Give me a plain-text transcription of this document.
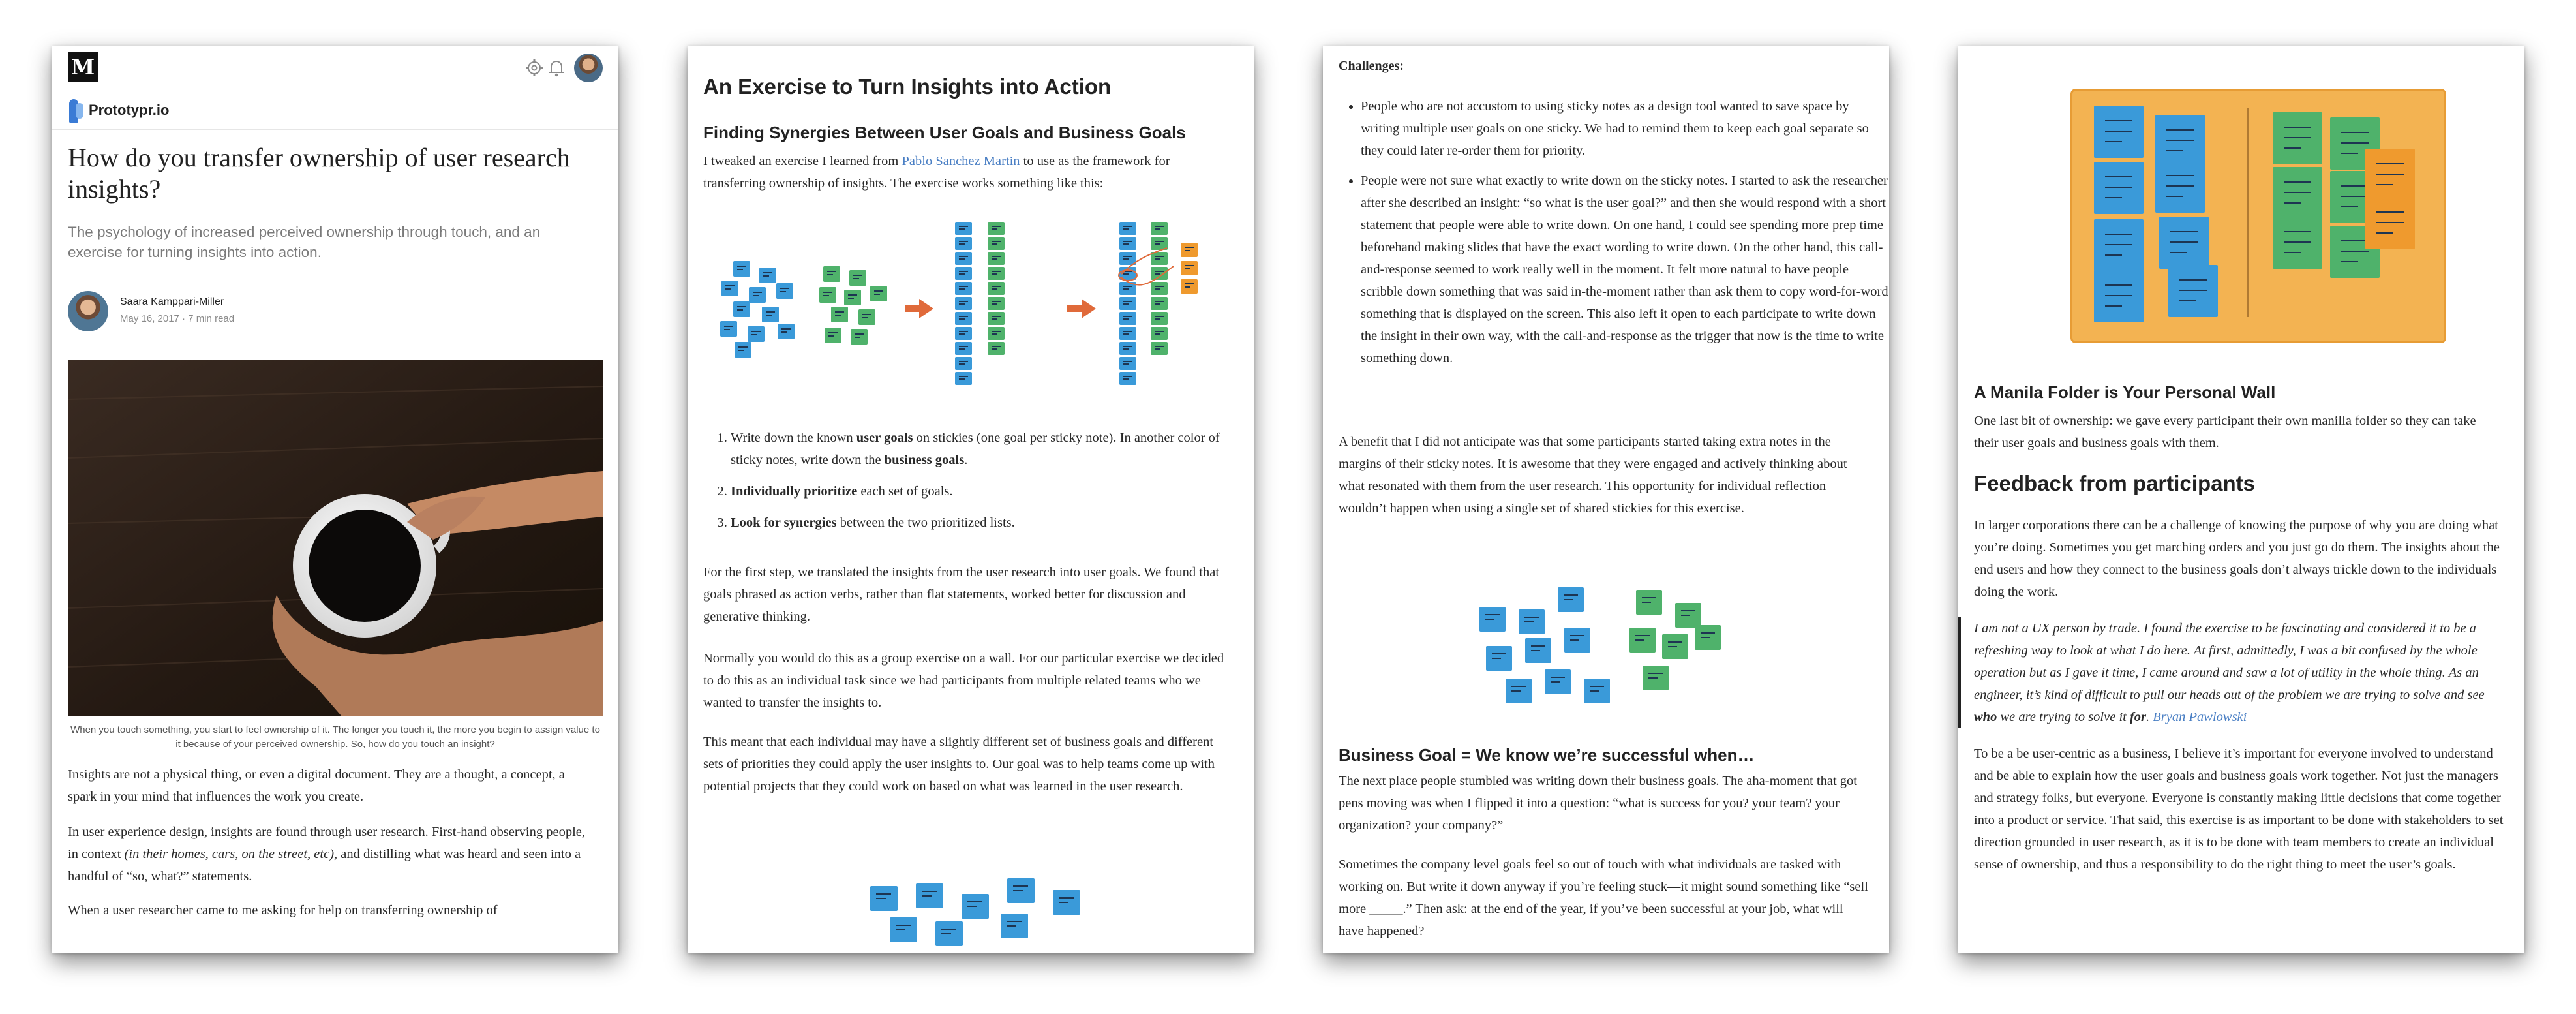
M
Prototypr.io
How do you transfer ownership of user research insights?
The psychology of increased perceived ownership through touch, and an exercise for turning insights into action.
Saara Kamppari-Miller
May 16, 2017 · 7 min read
When you touch something, you start to feel ownership of it. The longer you touch it, the more you begin to assign value to it because of your perceived ownership. So, how do you touch an insight?

Insights are not a physical thing, or even a digital document. They are a thought, a concept, a spark in your mind that influences the work you create.

In user experience design, insights are found through user research. First-hand observing people, in context (in their homes, cars, on the street, etc), and distilling what was heard and seen into a handful of “so, what?” statements.

When a user researcher came to me asking for help on transferring ownership of

An Exercise to Turn Insights into Action
Finding Synergies Between User Goals and Business Goals

I tweaked an exercise I learned from Pablo Sanchez Martin to use as the framework for transferring ownership of insights. The exercise works something like this:

1. Write down the known user goals on stickies (one goal per sticky note). In another color of sticky notes, write down the business goals.
2. Individually prioritize each set of goals.
3. Look for synergies between the two prioritized lists.

For the first step, we translated the insights from the user research into user goals. We found that goals phrased as action verbs, rather than flat statements, worked better for discussion and generative thinking.

Normally you would do this as a group exercise on a wall. For our particular exercise we decided to do this as an individual task since we had participants from multiple related teams who we wanted to transfer the insights to.

This meant that each individual may have a slightly different set of business goals and different sets of priorities they could apply the user insights to. Our goal was to help teams come up with potential projects that they could work on based on what was learned in the user research.

Challenges:
• People who are not accustom to using sticky notes as a design tool wanted to save space by writing multiple user goals on one sticky. We had to remind them to keep each goal separate so they could later re-order them for priority.
• People were not sure what exactly to write down on the sticky notes. I started to ask the researcher after she described an insight: “so what is the user goal?” and then she would respond with a short statement that people were able to write down. On one hand, I could see spending more prep time beforehand making slides that have the exact wording to write down. On the other hand, this call-and-response seemed to work really well in the moment. It felt more natural to have people scribble down something that was said in-the-moment rather than ask them to copy word-for-word something that is displayed on the screen. This also left it open to each participate to write down the insight in their own way, with the call-and-response as the trigger that now is the time to write something down.

A benefit that I did not anticipate was that some participants started taking extra notes in the margins of their sticky notes. It is awesome that they were engaged and actively thinking about what resonated with them from the user research. This opportunity for individual reflection wouldn’t happen when using a single set of shared stickies for this exercise.

Business Goal = We know we’re successful when…

The next place people stumbled was writing down their business goals. The aha-moment that got pens moving was when I flipped it into a question: “what is success for you? your team? your organization? your company?”

Sometimes the company level goals feel so out of touch with what individuals are tasked with working on. But write it down anyway if you’re feeling stuck—it might sound something like “sell more _____.” Then ask: at the end of the year, if you’ve been successful at your job, what will have happened?

A Manila Folder is Your Personal Wall

One last bit of ownership: we gave every participant their own manilla folder so they can take their user goals and business goals with them.

Feedback from participants

In larger corporations there can be a challenge of knowing the purpose of why you are doing what you’re doing. Sometimes you get marching orders and you just go do them. The insights about the end users and how they connect to the business goals don’t always trickle down to the individuals doing the work.

I am not a UX person by trade. I found the exercise to be fascinating and considered it to be a refreshing way to look at what I do here. At first, admittedly, I was a bit confused by the whole operation but as I gave it time, I came around and saw a lot of utility in the whole thing. As an engineer, it’s kind of difficult to pull our heads out of the problem we are trying to solve and see who we are trying to solve it for. Bryan Pawlowski

To be a be user-centric as a business, I believe it’s important for everyone involved to understand and be able to explain how the user goals and business goals work together. Not just the managers and strategy folks, but everyone. Everyone is constantly making little decisions that come together into a product or service. That said, this exercise is as important to be done with stakeholders to set direction grounded in user research, as it is to be done with team members to create an individual sense of ownership, and thus a responsibility to do the right thing to meet the user’s goals.
